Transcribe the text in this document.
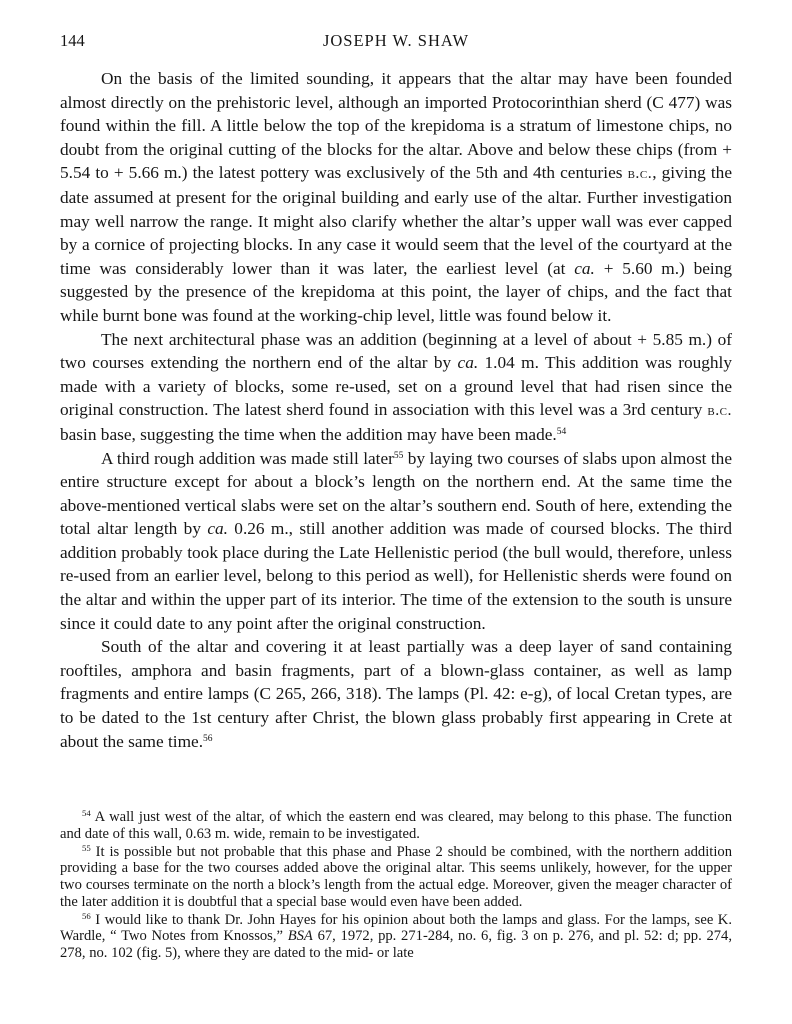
144	JOSEPH W. SHAW

On the basis of the limited sounding, it appears that the altar may have been founded almost directly on the prehistoric level, although an imported Protocorinthian sherd (C 477) was found within the fill. A little below the top of the krepidoma is a stratum of limestone chips, no doubt from the original cutting of the blocks for the altar. Above and below these chips (from + 5.54 to + 5.66 m.) the latest pottery was exclusively of the 5th and 4th centuries b.c., giving the date assumed at present for the original building and early use of the altar. Further investigation may well narrow the range. It might also clarify whether the altar’s upper wall was ever capped by a cornice of projecting blocks. In any case it would seem that the level of the courtyard at the time was considerably lower than it was later, the earliest level (at ca. + 5.60 m.) being suggested by the presence of the krepidoma at this point, the layer of chips, and the fact that while burnt bone was found at the working-chip level, little was found below it.

The next architectural phase was an addition (beginning at a level of about + 5.85 m.) of two courses extending the northern end of the altar by ca. 1.04 m. This addition was roughly made with a variety of blocks, some re-used, set on a ground level that had risen since the original construction. The latest sherd found in association with this level was a 3rd century b.c. basin base, suggesting the time when the addition may have been made.$^{54}$

A third rough addition was made still later$^{55}$ by laying two courses of slabs upon almost the entire structure except for about a block’s length on the northern end. At the same time the above-mentioned vertical slabs were set on the altar’s southern end. South of here, extending the total altar length by ca. 0.26 m., still another addition was made of coursed blocks. The third addition probably took place during the Late Hellenistic period (the bull would, therefore, unless re-used from an earlier level, belong to this period as well), for Hellenistic sherds were found on the altar and within the upper part of its interior. The time of the extension to the south is unsure since it could date to any point after the original construction.

South of the altar and covering it at least partially was a deep layer of sand containing rooftiles, amphora and basin fragments, part of a blown-glass container, as well as lamp fragments and entire lamps (C 265, 266, 318). The lamps (Pl. 42: e-g), of local Cretan types, are to be dated to the 1st century after Christ, the blown glass probably first appearing in Crete at about the same time.$^{56}$

$^{54}$ A wall just west of the altar, of which the eastern end was cleared, may belong to this phase. The function and date of this wall, 0.63 m. wide, remain to be investigated.

$^{55}$ It is possible but not probable that this phase and Phase 2 should be combined, with the northern addition providing a base for the two courses added above the original altar. This seems unlikely, however, for the upper two courses terminate on the north a block’s length from the actual edge. Moreover, given the meager character of the later addition it is doubtful that a special base would even have been added.

$^{56}$ I would like to thank Dr. John Hayes for his opinion about both the lamps and glass. For the lamps, see K. Wardle, “ Two Notes from Knossos,” BSA 67, 1972, pp. 271-284, no. 6, fig. 3 on p. 276, and pl. 52: d; pp. 274, 278, no. 102 (fig. 5), where they are dated to the mid- or late
